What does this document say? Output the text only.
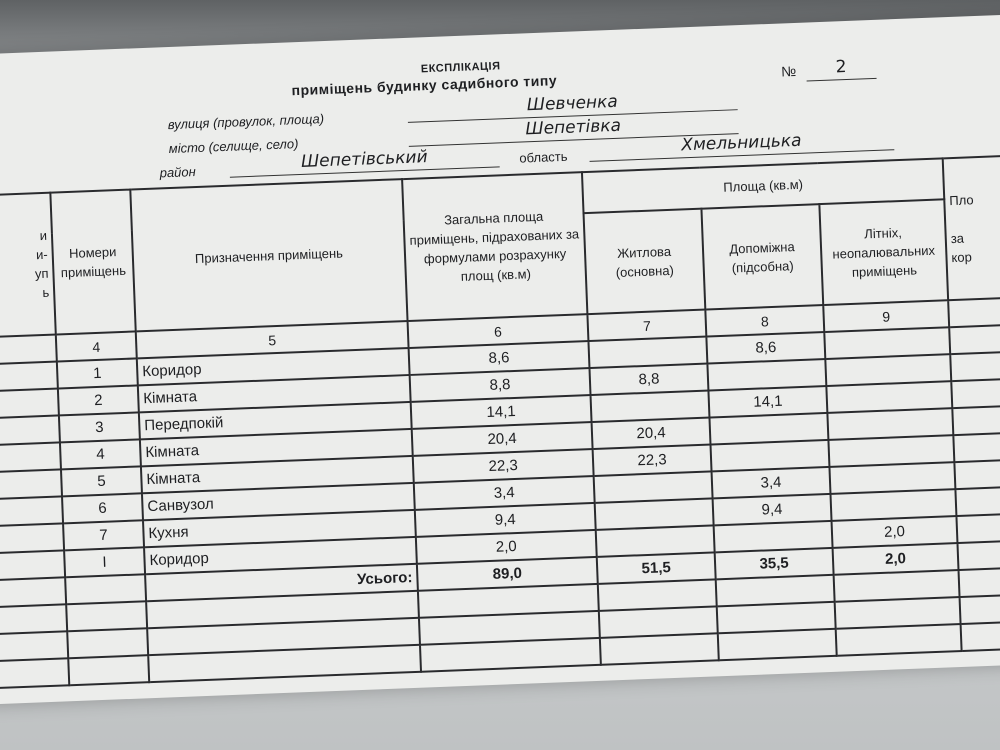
ЕКСПЛІКАЦІЯ
приміщень будинку садибного типу
№	2
вулиця (провулок, площа)
Шевченка
місто (селище, село)
Шепетівка
район
Шепетівський	область
Хмельницька
и
и-
уп
ь	Номери приміщень	Призначення приміщень	Загальна площа приміщень, підрахованих за формулами розрахунку площ (кв.м)	Площа (кв.м)			Пло

за
кор
				Житлова (основна)	Допоміжна (підсобна)	Літніх, неопалювальних приміщень	
	4	5	6	7	8	9	
	1	Коридор	8,6		8,6		
	2	Кімната	8,8	8,8			
	3	Передпокій	14,1		14,1		
	4	Кімната	20,4	20,4			
	5	Кімната	22,3	22,3			
	6	Санвузол	3,4		3,4		
	7	Кухня	9,4		9,4		
	I	Коридор	2,0			2,0	
		Усього:	89,0	51,5	35,5	2,0	
